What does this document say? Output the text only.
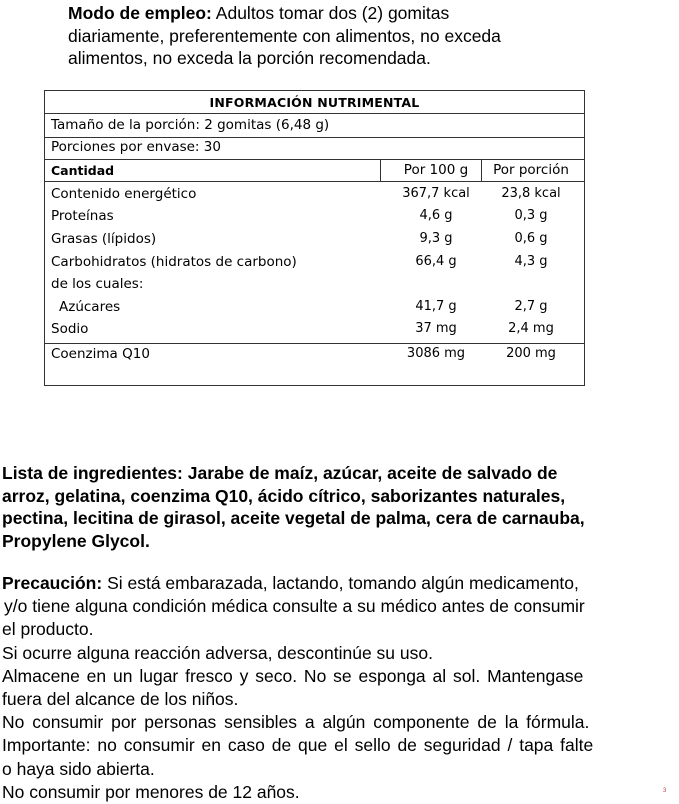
Modo de empleo: Adultos tomar dos (2) gomitas
diariamente, preferentemente con alimentos, no exceda
alimentos, no exceda la porción recomendada.
INFORMACIÓN NUTRIMENTAL
Tamaño de la porción: 2 gomitas (6,48 g)
Porciones por envase: 30
Cantidad	Por 100 g	Por porción
Contenido energético	367,7 kcal	23,8 kcal
Proteínas	4,6 g	0,3 g
Grasas (lípidos)	9,3 g	0,6 g
Carbohidratos (hidratos de carbono)	66,4 g	4,3 g
de los cuales:
Azúcares	41,7 g	2,7 g
Sodio	37 mg	2,4 mg
Coenzima Q10	3086 mg	200 mg
Lista de ingredientes: Jarabe de maíz, azúcar, aceite de salvado de
arroz, gelatina, coenzima Q10, ácido cítrico, saborizantes naturales,
pectina, lecitina de girasol, aceite vegetal de palma, cera de carnauba,
Propylene Glycol.
Precaución: Si está embarazada, lactando, tomando algún medicamento,
y/o tiene alguna condición médica consulte a su médico antes de consumir
el producto.
Si ocurre alguna reacción adversa, descontinúe su uso.
Almacene en un lugar fresco y seco. No se esponga al sol. Mantengase
fuera del alcance de los niños.
No consumir por personas sensibles a algún componente de la fórmula.
Importante: no consumir en caso de que el sello de seguridad / tapa falte
o haya sido abierta.
No consumir por menores de 12 años.	3
